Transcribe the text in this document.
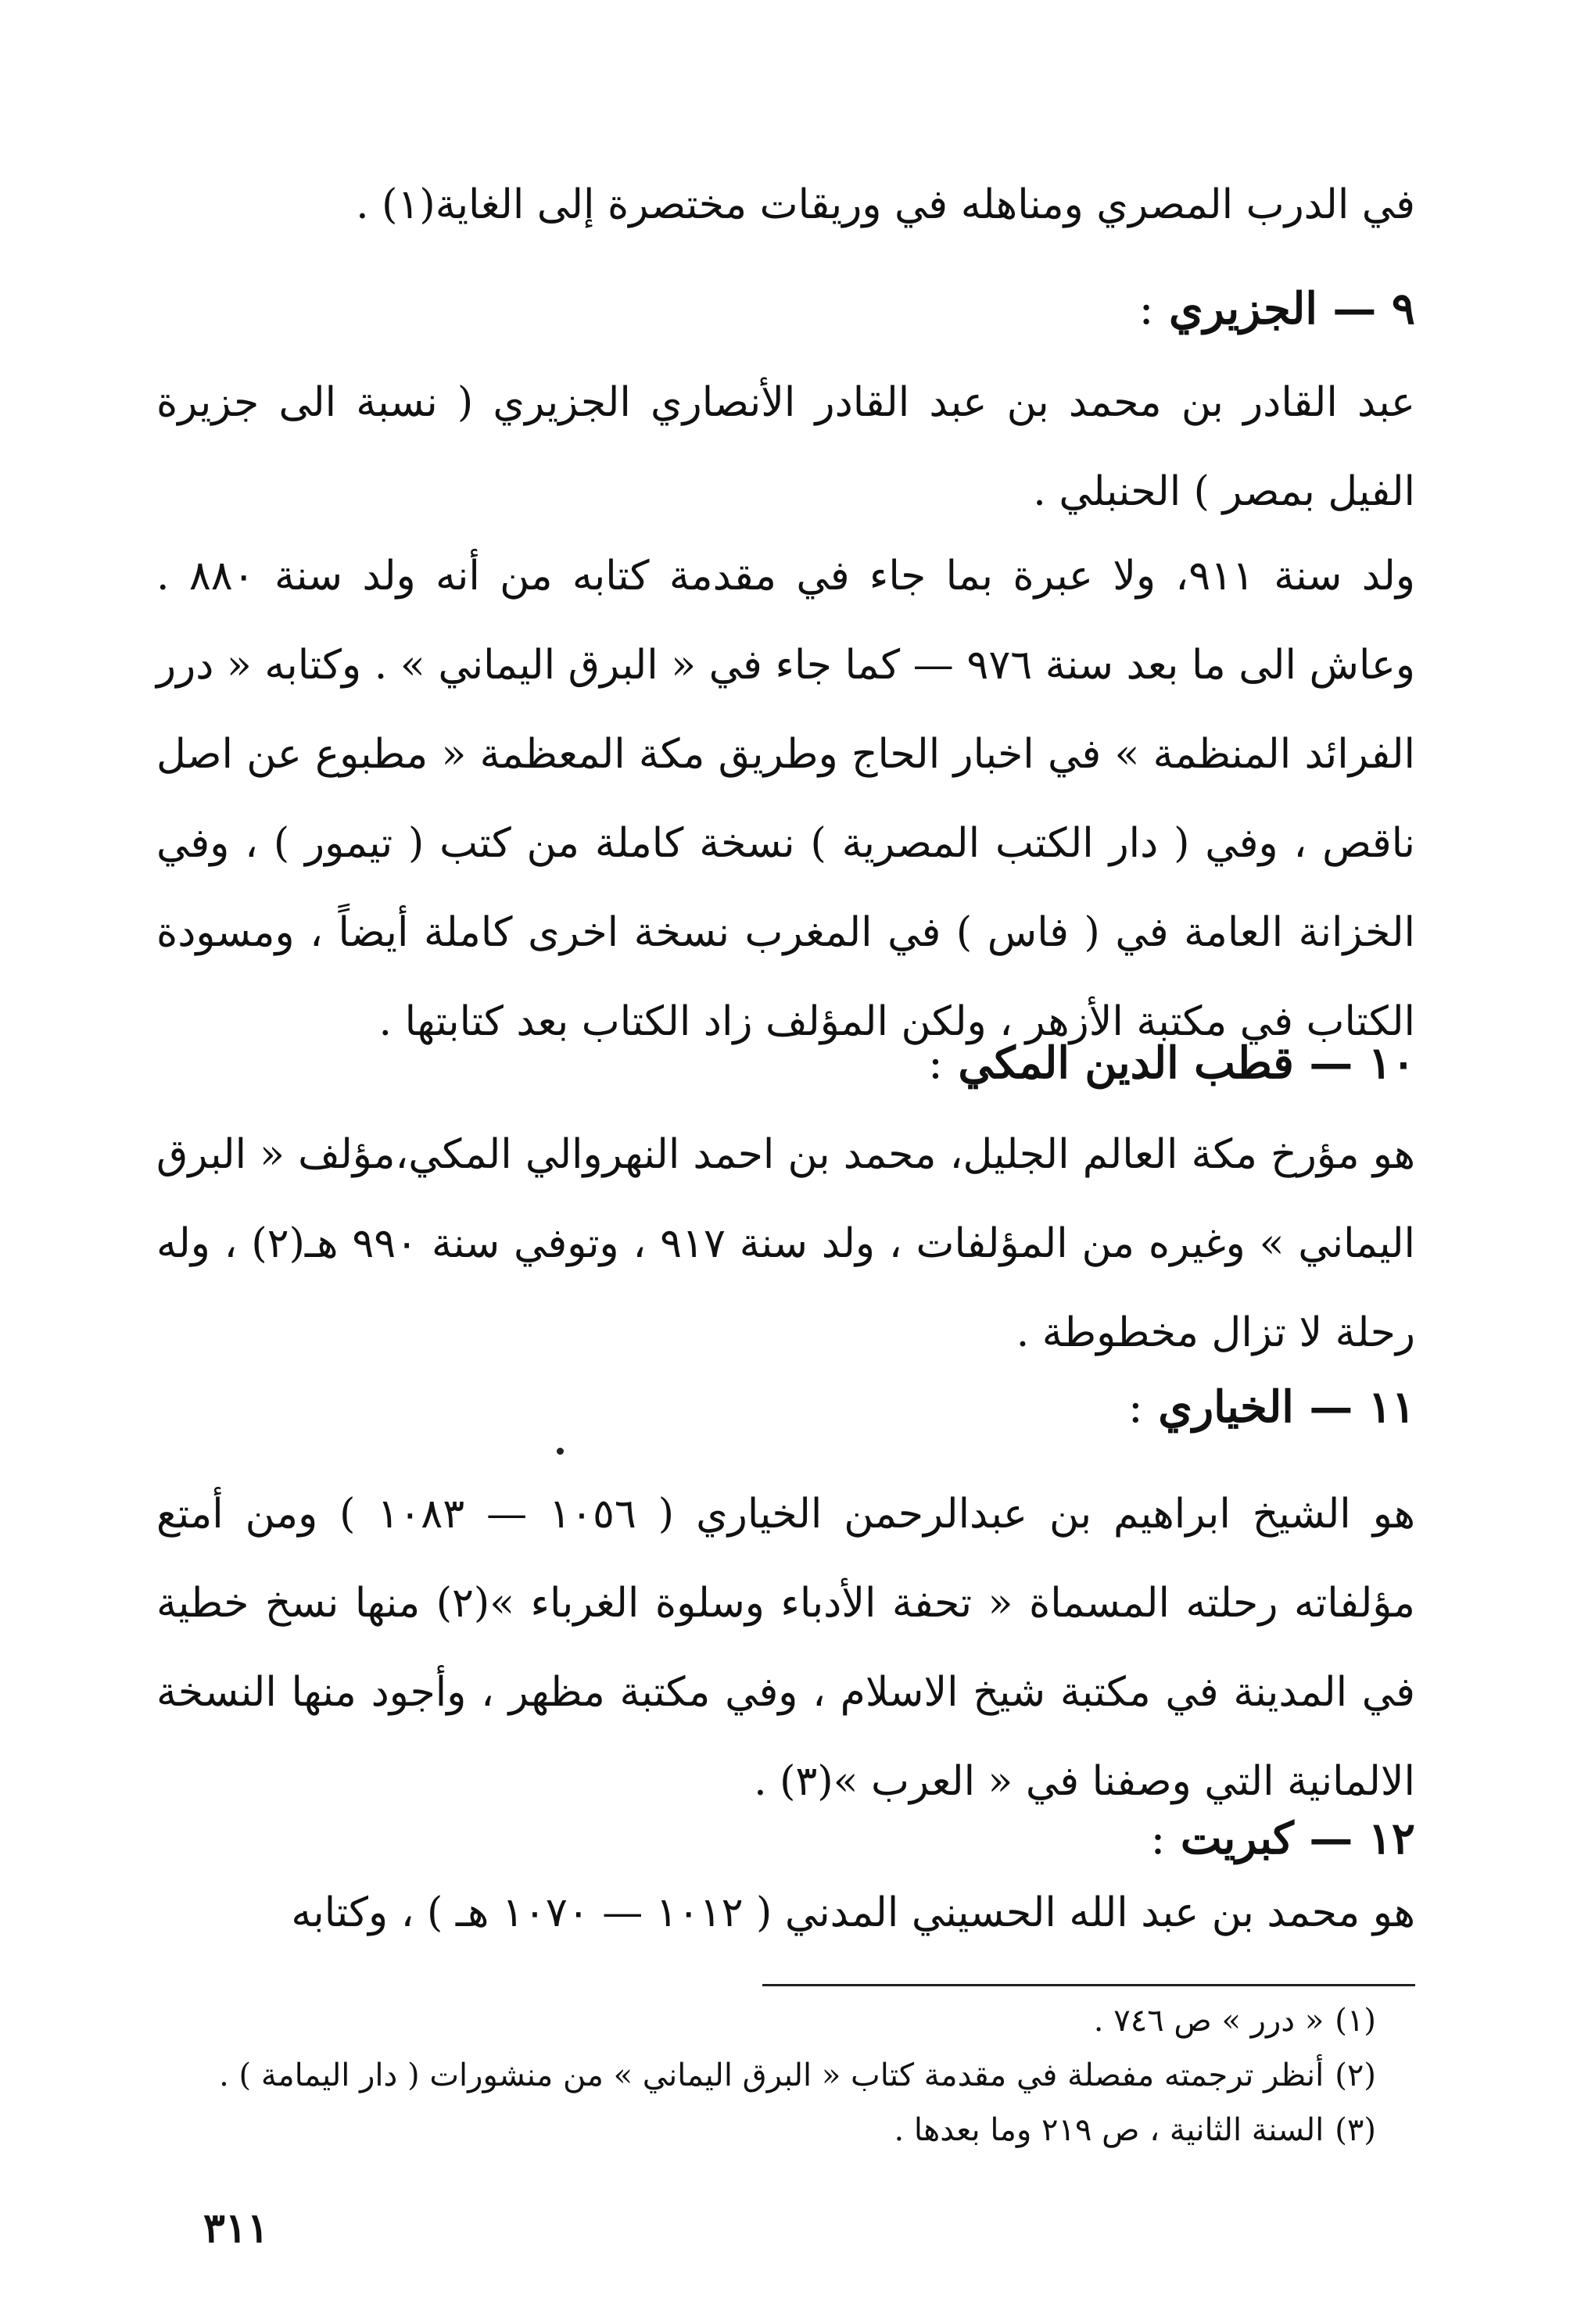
في الدرب المصري ومناهله في وريقات مختصرة إلى الغاية(١) .
٩ — الجزيري :
عبد القادر بن محمد بن عبد القادر الأنصاري الجزيري ( نسبة الى جزيرة الفيل بمصر ) الحنبلي .
ولد سنة ٩١١، ولا عبرة بما جاء في مقدمة كتابه من أنه ولد سنة ٨٨٠ . وعاش الى ما بعد سنة ٩٧٦ — كما جاء في « البرق اليماني » . وكتابه « درر الفرائد المنظمة » في اخبار الحاج وطريق مكة المعظمة « مطبوع عن اصل ناقص ، وفي ( دار الكتب المصرية ) نسخة كاملة من كتب ( تيمور ) ، وفي الخزانة العامة في ( فاس ) في المغرب نسخة اخرى كاملة أيضاً ، ومسودة الكتاب في مكتبة الأزهر ، ولكن المؤلف زاد الكتاب بعد كتابتها .
١٠ — قطب الدين المكي :
هو مؤرخ مكة العالم الجليل، محمد بن احمد النهروالي المكي،مؤلف « البرق اليماني » وغيره من المؤلفات ، ولد سنة ٩١٧ ، وتوفي سنة ٩٩٠ هـ(٢) ، وله رحلة لا تزال مخطوطة .
١١ — الخياري :
هو الشيخ ابراهيم بن عبدالرحمن الخياري ( ١٠٥٦ — ١٠٨٣ ) ومن أمتع مؤلفاته رحلته المسماة « تحفة الأدباء وسلوة الغرباء »(٢) منها نسخ خطية في المدينة في مكتبة شيخ الاسلام ، وفي مكتبة مظهر ، وأجود منها النسخة الالمانية التي وصفنا في « العرب »(٣) .
١٢ — كبريت :
هو محمد بن عبد الله الحسيني المدني ( ١٠١٢ — ١٠٧٠ هـ ) ، وكتابه
(١)« درر » ص ٧٤٦ .
(٢)أنظر ترجمته مفصلة في مقدمة كتاب « البرق اليماني » من منشورات ( دار اليمامة ) .
(٣)السنة الثانية ، ص ٢١٩ وما بعدها .
٣١١
